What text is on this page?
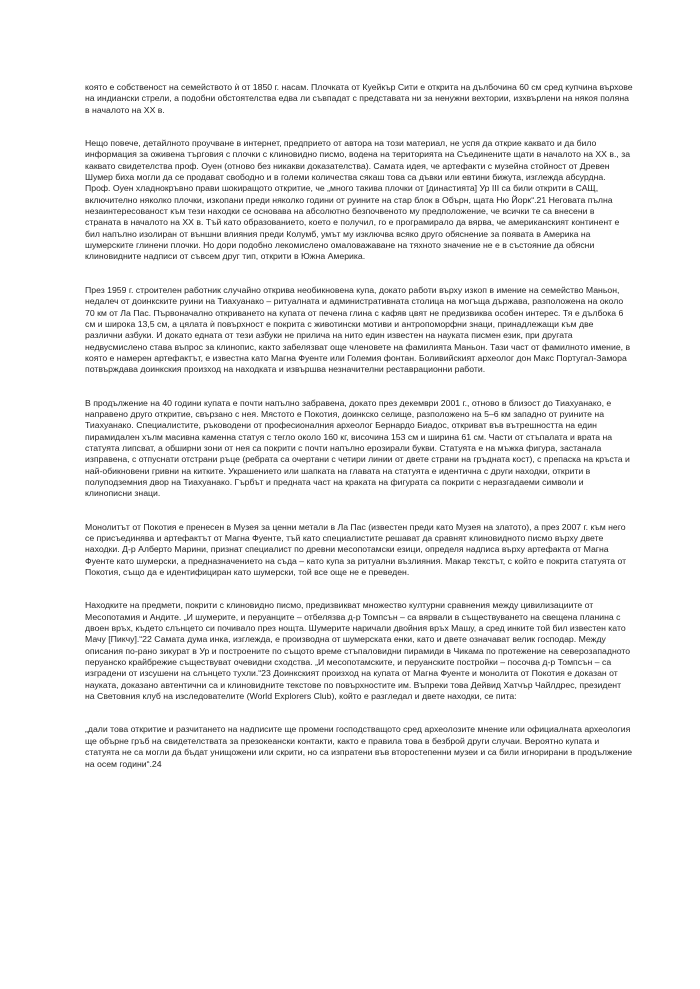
която е собственост на семейството ѝ от 1850 г. насам. Плочката от Куейкър Сити е открита на дълбочина 60 см сред купчина върхове на индиански стрели, а подобни обстоятелства едва ли съвпадат с представата ни за ненужни вехтории, изхвърлени на някоя поляна в началото на XX в.

Нещо повече, детайлното проучване в интернет, предприето от автора на този материал, не успя да открие каквато и да било информация за оживена търговия с плочки с клиновидно писмо, водена на територията на Съединените щати в началото на XX в., за каквато свидетелства проф. Оуен (отново без никакви доказателства). Самата идея, че артефакти с музейна стойност от Древен Шумер биха могли да се продават свободно и в големи количества сякаш това са дъвки или евтини бижута, изглежда абсурдна. Проф. Оуен хладнокръвно прави шокиращото откритие, че „много такива плочки от [династията] Ур III са били открити в САЩ, включително няколко плочки, изкопани преди няколко години от руините на стар блок в Обърн, щата Ню Йорк“.21 Неговата пълна незаинтересованост към тези находки се основава на абсолютно безпочвеното му предположение, че всички те са внесени в страната в началото на XX в. Тъй като образованието, което е получил, го е програмирало да вярва, че американският континент е бил напълно изолиран от външни влияния преди Колумб, умът му изключва всяко друго обяснение за появата в Америка на шумерските глинени плочки. Но дори подобно лекомислено омаловажаване на тяхното значение не е в състояние да обясни клиновидните надписи от съвсем друг тип, открити в Южна Америка.

През 1959 г. строителен работник случайно открива необикновена купа, докато работи върху изкоп в имение на семейство Маньон, недалеч от доинкските руини на Тиахуанако – ритуалната и административната столица на могъща държава, разположена на около 70 км от Ла Пас. Първоначално откриването на купата от печена глина с кафяв цвят не предизвиква особен интерес. Тя е дълбока 6 см и широка 13,5 см, а цялата ѝ повърхност е покрита с животински мотиви и антропоморфни знаци, принадлежащи към две различни азбуки. И докато едната от тези азбуки не прилича на нито един известен на науката писмен език, при другата недвусмислено става въпрос за клинопис, както забелязват още членовете на фамилията Маньон. Тази част от фамилното имение, в която е намерен артефактът, е известна като Магна Фуенте или Големия фонтан. Боливийският археолог дон Макс Португал-Замора потвърждава доинкския произход на находката и извършва незначителни реставрационни работи.

В продължение на 40 години купата е почти напълно забравена, докато през декември 2001 г., отново в близост до Тиахуанако, е направено друго откритие, свързано с нея. Мястото е Покотия, доинкско селище, разположено на 5–6 км западно от руините на Тиахуанако. Специалистите, ръководени от професионалния археолог Бернардо Биадос, откриват във вътрешността на един пирамидален хълм масивна каменна статуя с тегло около 160 кг, височина 153 см и ширина 61 см. Части от стъпалата и врата на статуята липсват, а обширни зони от нея са покрити с почти напълно ерозирали букви. Статуята е на мъжка фигура, застанала изправена, с отпуснати отстрани ръце (ребрата са очертани с четири линии от двете страни на гръдната кост), с препаска на кръста и най-обикновени гривни на китките. Украшението или шапката на главата на статуята е идентична с други находки, открити в полуподземния двор на Тиахуанако. Гърбът и предната част на краката на фигурата са покрити с неразгадаеми символи и клинописни знаци.

Монолитът от Покотия е пренесен в Музея за ценни метали в Ла Пас (известен преди като Музея на златото), а през 2007 г. към него се присъединява и артефактът от Магна Фуенте, тъй като специалистите решават да сравнят клиновидното писмо върху двете находки. Д-р Алберто Марини, признат специалист по древни месопотамски езици, определя надписа върху артефакта от Магна Фуенте като шумерски, а предназначението на съда – като купа за ритуални възлияния. Макар текстът, с който е покрита статуята от Покотия, също да е идентифициран като шумерски, той все още не е преведен.

Находките на предмети, покрити с клиновидно писмо, предизвикват множество културни сравнения между цивилизациите от Месопотамия и Андите. „И шумерите, и перуанците – отбелязва д-р Томпсън – са вярвали в съществуването на свещена планина с двоен връх, където слънцето си почивало през нощта. Шумерите наричали двойния връх Машу, а сред инките той бил известен като Мачу [Пикчу].“22 Самата дума инка, изглежда, е производна от шумерската енки, като и двете означават велик господар. Между описания по-рано зикурат в Ур и построените по същото време стъпаловидни пирамиди в Чикама по протежение на северозападното перуанско крайбрежие съществуват очевидни сходства. „И месопотамските, и перуанските постройки – посочва д-р Томпсън – са изградени от изсушени на слънцето тухли.“23 Доинкският произход на купата от Магна Фуенте и монолита от Покотия е доказан от науката, доказано автентични са и клиновидните текстове по повърхностите им. Въпреки това Дейвид Хатчър Чайлдрес, президент на Световния клуб на изследователите (World Explorers Club), който е разгледал и двете находки, се пита:

„дали това откритие и разчитането на надписите ще промени господстващото сред археолозите мнение или официалната археология ще обърне гръб на свидетелствата за презокеански контакти, както е правила това в безброй други случаи. Вероятно купата и статуята не са могли да бъдат унищожени или скрити, но са изпратени във второстепенни музеи и са били игнорирани в продължение на осем години“.24
